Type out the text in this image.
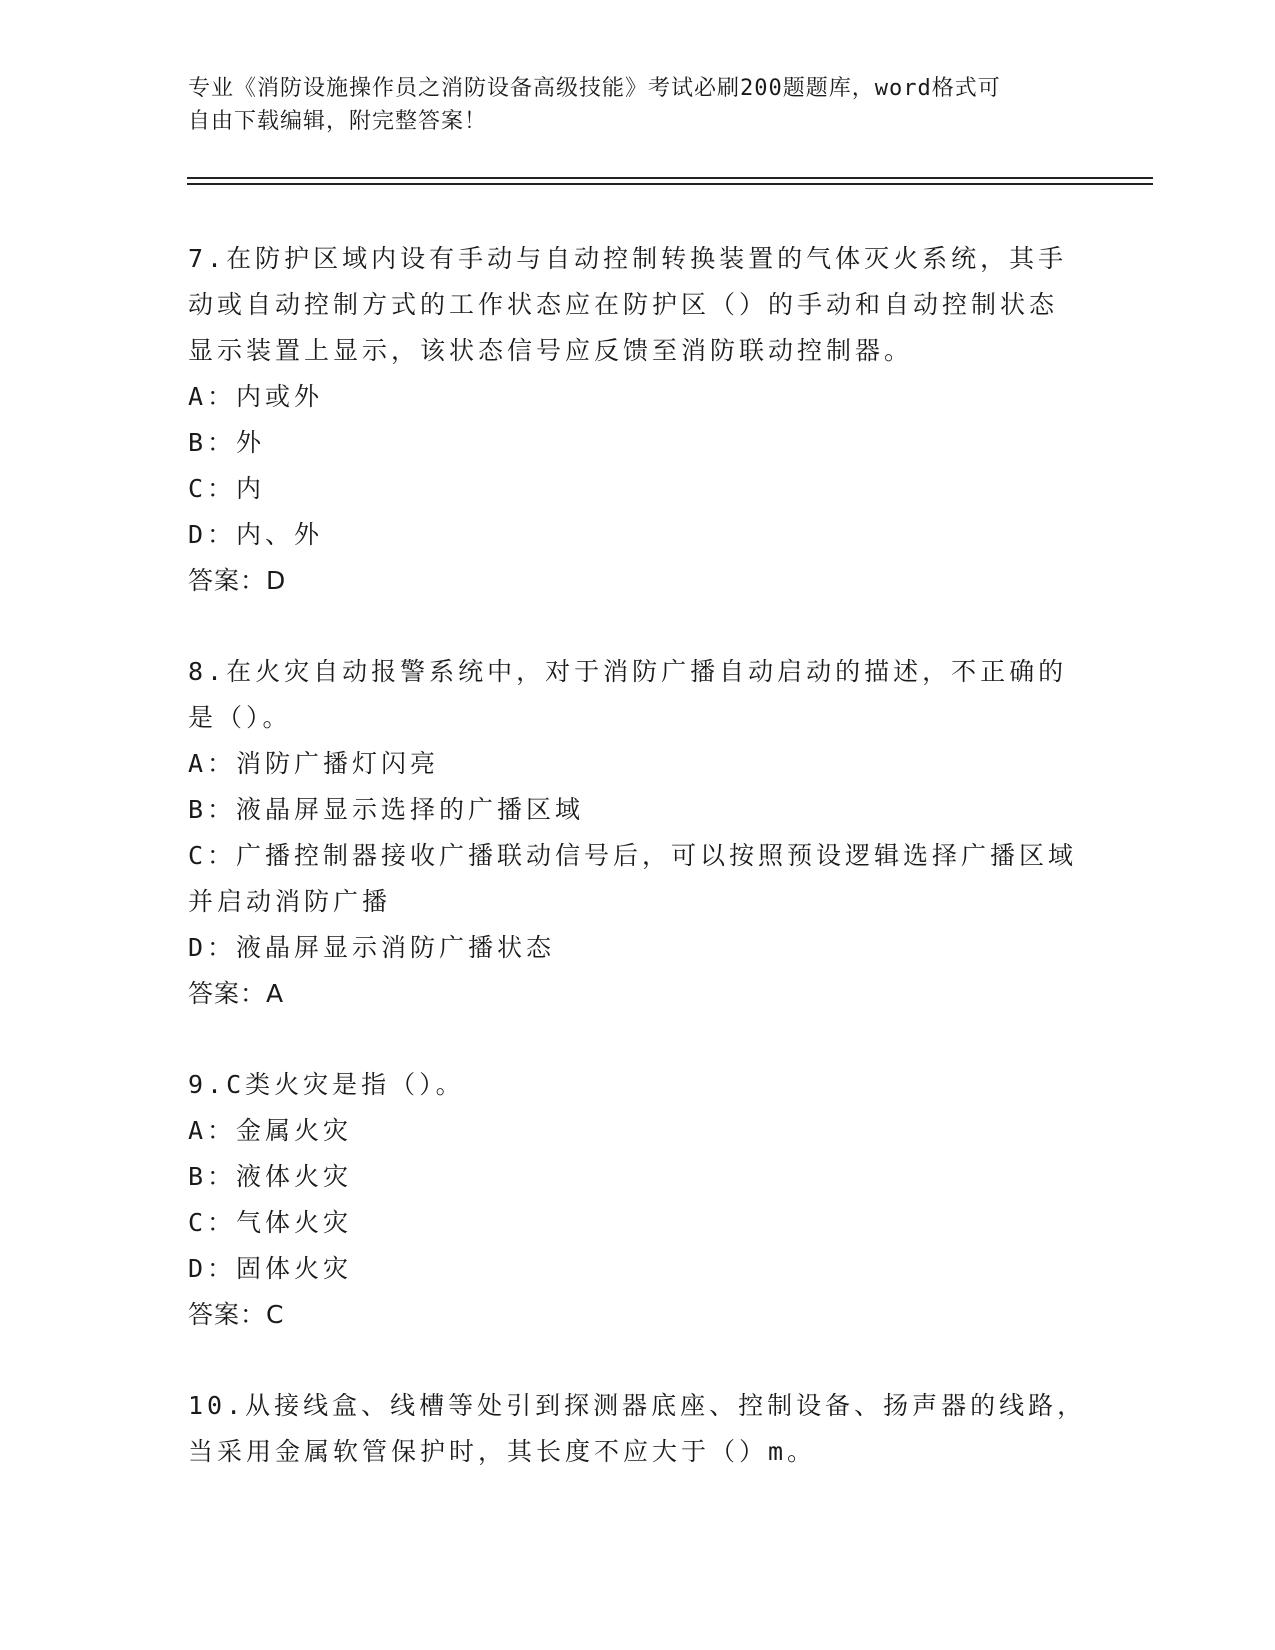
专业《消防设施操作员之消防设备高级技能》考试必刷200题题库，word格式可
自由下载编辑，附完整答案！
7.在防护区域内设有手动与自动控制转换装置的气体灭火系统，其手
动或自动控制方式的工作状态应在防护区（）的手动和自动控制状态
显示装置上显示，该状态信号应反馈至消防联动控制器。
A：内或外
B：外
C：内
D：内、外
答案：D
8.在火灾自动报警系统中，对于消防广播自动启动的描述，不正确的
是（）。
A：消防广播灯闪亮
B：液晶屏显示选择的广播区域
C：广播控制器接收广播联动信号后，可以按照预设逻辑选择广播区域
并启动消防广播
D：液晶屏显示消防广播状态
答案：A
9.C类火灾是指（）。
A：金属火灾
B：液体火灾
C：气体火灾
D：固体火灾
答案：C
10.从接线盒、线槽等处引到探测器底座、控制设备、扬声器的线路，
当采用金属软管保护时，其长度不应大于（）m。
